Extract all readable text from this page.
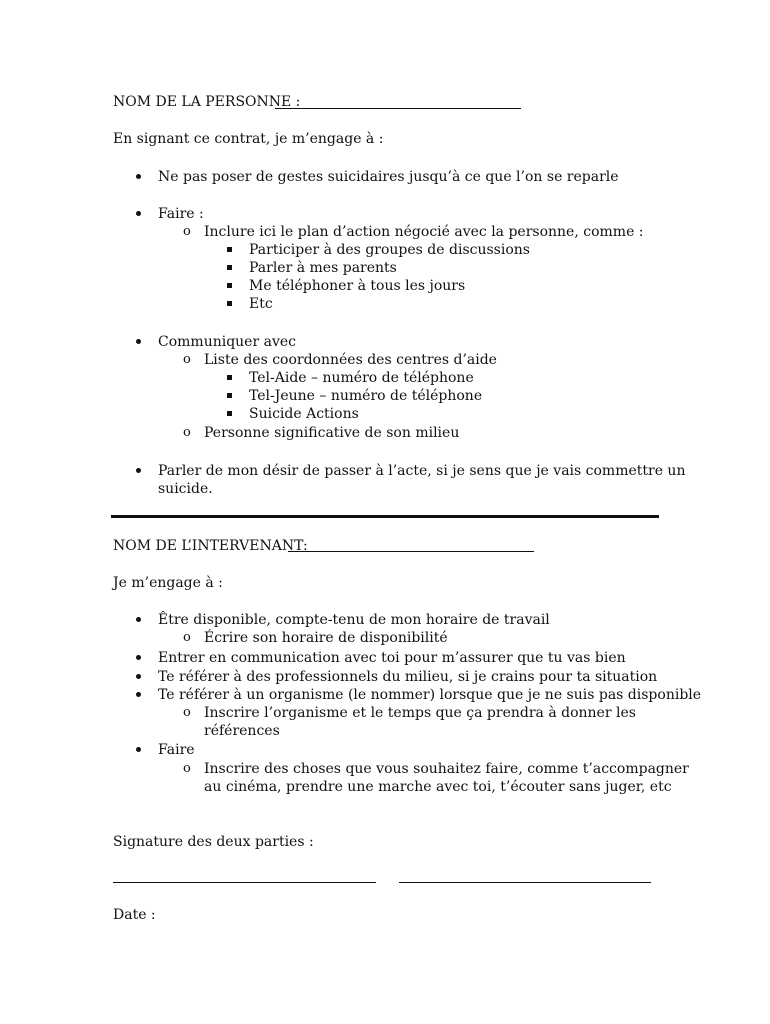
NOM DE LA PERSONNE :
En signant ce contrat, je m’engage à :
Ne pas poser de gestes suicidaires jusqu’à ce que l’on se reparle
Faire :
o Inclure ici le plan d’action négocié avec la personne, comme :
Participer à des groupes de discussions
Parler à mes parents
Me téléphoner à tous les jours
Etc
Communiquer avec
o Liste des coordonnées des centres d’aide
Tel-Aide – numéro de téléphone
Tel-Jeune – numéro de téléphone
Suicide Actions
o Personne significative de son milieu
Parler de mon désir de passer à l’acte, si je sens que je vais commettre un
suicide.
NOM DE L’INTERVENANT:
Je m’engage à :
Être disponible, compte-tenu de mon horaire de travail
o Écrire son horaire de disponibilité
Entrer en communication avec toi pour m’assurer que tu vas bien
Te référer à des professionnels du milieu, si je crains pour ta situation
Te référer à un organisme (le nommer) lorsque que je ne suis pas disponible
o Inscrire l’organisme et le temps que ça prendra à donner les
références
Faire
o Inscrire des choses que vous souhaitez faire, comme t’accompagner
au cinéma, prendre une marche avec toi, t’écouter sans juger, etc
Signature des deux parties :
Date :
